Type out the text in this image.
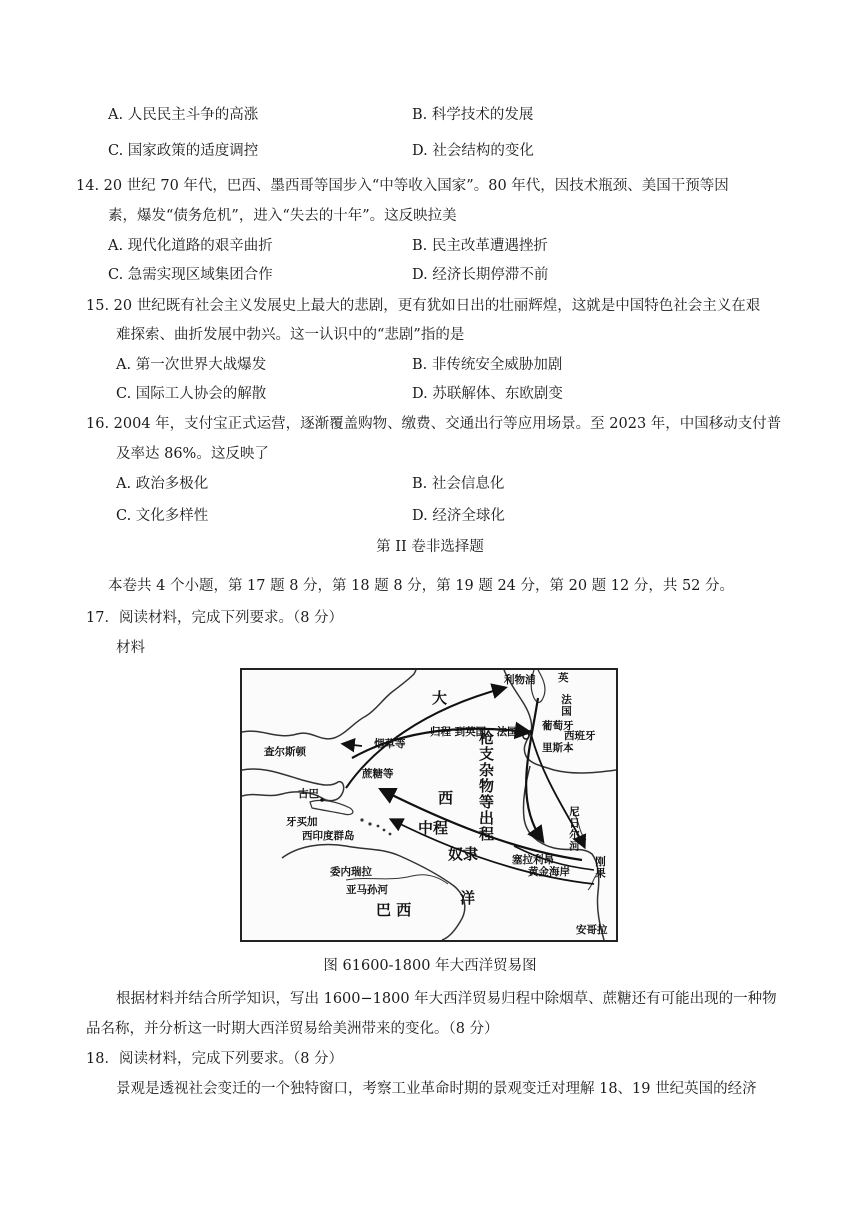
A. 人民民主斗争的高涨	B. 科学技术的发展
C. 国家政策的适度调控	D. 社会结构的变化
14. 20 世纪 70 年代，巴西、墨西哥等国步入“中等收入国家”。80 年代，因技术瓶颈、美国干预等因
素，爆发“债务危机”，进入“失去的十年”。这反映拉美
A. 现代化道路的艰辛曲折	B. 民主改革遭遇挫折
C. 急需实现区域集团合作	D. 经济长期停滞不前
15. 20 世纪既有社会主义发展史上最大的悲剧，更有犹如日出的壮丽辉煌，这就是中国特色社会主义在艰
难探索、曲折发展中勃兴。这一认识中的“悲剧”指的是
A. 第一次世界大战爆发	B. 非传统安全威胁加剧
C. 国际工人协会的解散	D. 苏联解体、东欧剧变
16. 2004 年，支付宝正式运营，逐渐覆盖购物、缴费、交通出行等应用场景。至 2023 年，中国移动支付普
及率达 86%。这反映了
A. 政治多极化	B. 社会信息化
C. 文化多样性	D. 经济全球化
第 II 卷非选择题
本卷共 4 个小题，第 17 题 8 分，第 18 题 8 分，第 19 题 24 分，第 20 题 12 分，共 52 分。
17．阅读材料，完成下列要求。（8 分）
材料
大
西
洋
利物浦 英
法国
葡萄牙
西班牙
里斯本
查尔斯顿
烟草等
归程 到英国、法国
蔗糖等
古巴
牙买加
西印度群岛
委内瑞拉
亚马孙河
巴 西
中程
奴隶
枪支杂物等出程	尼日尔河
塞拉利昂
黄金海岸 刚果
安哥拉
图 61600-1800 年大西洋贸易图
根据材料并结合所学知识，写出 1600−1800 年大西洋贸易归程中除烟草、蔗糖还有可能出现的一种物
品名称，并分析这一时期大西洋贸易给美洲带来的变化。（8 分）
18．阅读材料，完成下列要求。（8 分）
景观是透视社会变迁的一个独特窗口，考察工业革命时期的景观变迁对理解 18、19 世纪英国的经济
